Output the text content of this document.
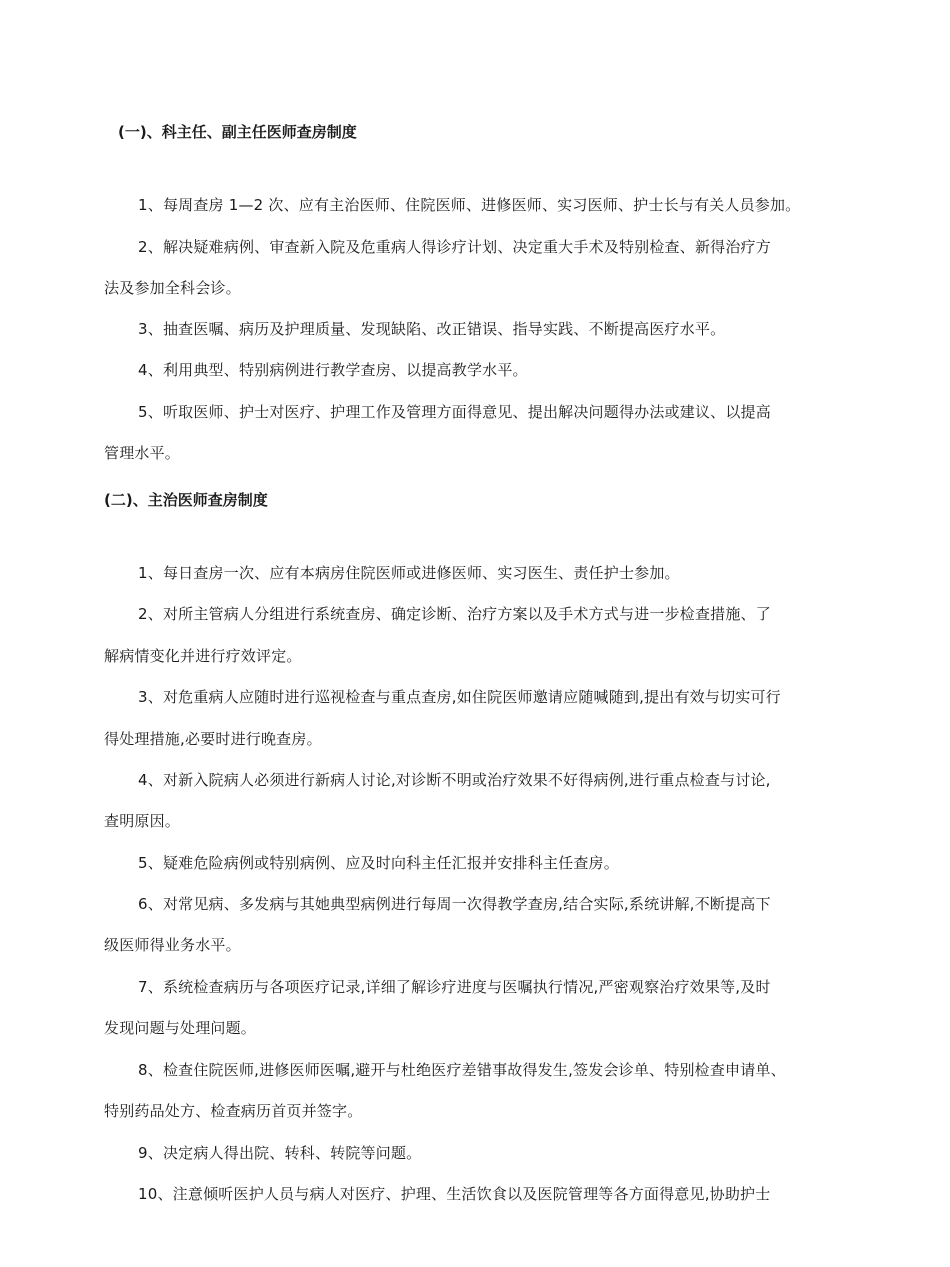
(一)、科主任、副主任医师查房制度
1、每周查房 1—2 次、应有主治医师、住院医师、进修医师、实习医师、护士长与有关人员参加。
2、解决疑难病例、审查新入院及危重病人得诊疗计划、决定重大手术及特别检查、新得治疗方
法及参加全科会诊。
3、抽查医嘱、病历及护理质量、发现缺陷、改正错误、指导实践、不断提高医疗水平。
4、利用典型、特别病例进行教学查房、以提高教学水平。
5、听取医师、护士对医疗、护理工作及管理方面得意见、提出解决问题得办法或建议、以提高
管理水平。
(二)、主治医师查房制度
1、每日查房一次、应有本病房住院医师或进修医师、实习医生、责任护士参加。
2、对所主管病人分组进行系统查房、确定诊断、治疗方案以及手术方式与进一步检查措施、了
解病情变化并进行疗效评定。
3、对危重病人应随时进行巡视检查与重点查房,如住院医师邀请应随喊随到,提出有效与切实可行
得处理措施,必要时进行晚查房。
4、对新入院病人必须进行新病人讨论,对诊断不明或治疗效果不好得病例,进行重点检查与讨论,
查明原因。
5、疑难危险病例或特别病例、应及时向科主任汇报并安排科主任查房。
6、对常见病、多发病与其她典型病例进行每周一次得教学查房,结合实际,系统讲解,不断提高下
级医师得业务水平。
7、系统检查病历与各项医疗记录,详细了解诊疗进度与医嘱执行情况,严密观察治疗效果等,及时
发现问题与处理问题。
8、检查住院医师,进修医师医嘱,避开与杜绝医疗差错事故得发生,签发会诊单、特别检查申请单、
特别药品处方、检查病历首页并签字。
9、决定病人得出院、转科、转院等问题。
10、注意倾听医护人员与病人对医疗、护理、生活饮食以及医院管理等各方面得意见,协助护士
